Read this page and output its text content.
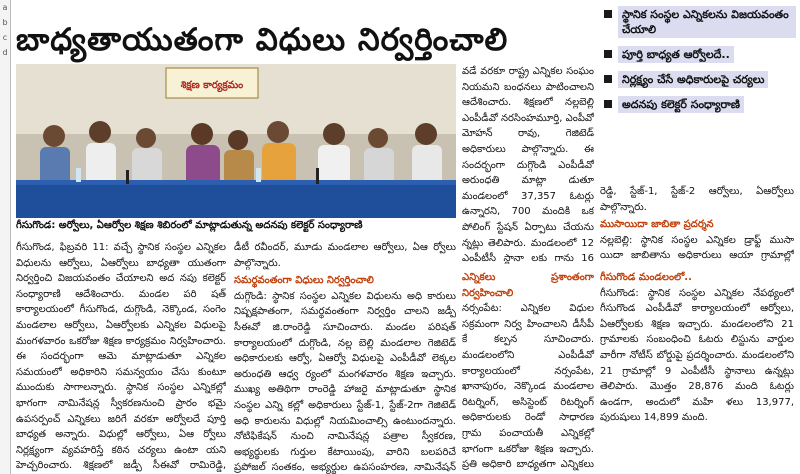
a
b
c
d బాధ్యతాయుతంగా విధులు నిర్వర్తించాలి
శిక్షణ కార్యక్రమం
గీసుగొండ: అర్వోలు, ఏఆర్వోల శిక్షణ శిబిరంలో మాట్లాడుతున్న అదనపు కలెక్టర్ సంధ్యారాణి
స్థానిక సంస్థల ఎన్నికలను విజయవంతం చేయాలి
పూర్తి బాధ్యత ఆర్వోలదే..
నిర్లక్ష్యం చేసే అధికారులపై చర్యలు
అదనపు కలెక్టర్ సంధ్యారాణి

గీసుగొండ, ఫిబ్రవరి 11: వచ్చే స్థానిక సంస్థల ఎన్నికల విధులను ఆర్వోలు, ఏఆర్వోలు బాధ్యతా యుతంగా నిర్వర్తించి విజయవంతం చేయాలని అద నపు కలెక్టర్ సంధ్యారాణి ఆదేశించారు. మండల పరి షత్ కార్యాలయంలో గీసుగొండ, దుగ్గొండి, నెక్కొండ, సంగెం మండలాల ఆర్వోలు, ఏఆర్వోలకు ఎన్నికల విధులపై మంగళవారం ఒకరోజు శిక్షణ కార్యక్రమం నిర్వహించారు. ఈ సందర్భంగా ఆమె మాట్లాడుతూ ఎన్నికల సమయంలో అధికారిని సమన్వయం చేసు కుంటూ ముందుకు సాగాలన్నారు. స్థానిక సంస్థల ఎన్నికల్లో భాగంగా నామినేషన్ల స్వీకరణనుంచి ప్రారం భమై ఉపసర్పంచ్ ఎన్నికలు జరిగే వరకూ అర్వోలదే పూర్తి బాధ్యత అన్నారు. విధుల్లో ఆర్వోలు, ఏఆ ర్వోలు నిర్లక్ష్యంగా వ్యవహరిస్తే కఠిన చర్యలు ఉంటా యని హెచ్చరించారు. శిక్షణలో జడ్పీ సీఈవో రామిరెడ్డి,

డీటీ రవీందర్, మూడు మండలాల ఆర్వోలు, ఏఆ ర్వోలు పాల్గొన్నారు.

సమర్థవంతంగా విధులు నిర్వర్తించాలి

దుగ్గొండి: స్థానిక సంస్థల ఎన్నికల విధులను అధి కారులు నిష్పక్షపాతంగా, సమర్థవంతంగా నిర్వర్తిం చాలని జడ్పీ సీఈవో జి.రాంరెడ్డి సూచించారు. మండల పరిషత్ కార్యాలయంలో దుగ్గొండి, నల్ల బెల్లి మండలాల గెజిటెడ్ అధికారులకు ఆర్వో, ఏఆర్వో విధులపై ఎంపీడీవో లెక్కల అరుంధతి ఆధ్వ ర్యంలో మంగళవారం శిక్షణ ఇచ్చారు. ముఖ్య అతిథిగా రాంరెడ్డి హాజరై మాట్లాడుతూ స్థానిక సంస్థల ఎన్ని కల్లో అధికారులు స్టేజ్-1, స్టేజ్-2గా గెజిటెడ్ అధి కారులను విధుల్లో నియమించాల్సి ఉంటుందన్నారు. నోటిఫికేషన్ నుంచి నామినేషన్ల పత్రాల స్వీకరణ, అభ్యర్థులకు గుర్తుల కేటాయింపు, వారిని బలపరిచే ప్రపోజల్ సంతకం, అభ్యర్థుల ఉపసంహరణ, నామినేషన్

వడే వరకూ రాష్ట్ర ఎన్నికల సంఘం నియమని బంధనలు పాటించాలని ఆదేశించారు. శిక్షణలో నల్లబెల్లి ఎంపీడీవో నరసింహమూర్తి, ఎంపీవో మోహన్ రావు, గెజిటెడ్ అధికారులు పాల్గొన్నారు. ఈ సందర్భంగా దుగ్గొండి ఎంపీడీవో అరుంధతి మాట్లా డుతూ మండలంలో 37,357 ఓటర్లు ఉన్నారని, 700 మందికి ఒక పోలింగ్ స్టేషన్ ఏర్పాటు చేయను న్నట్లు తెలిపారు. మండలంలో 12 ఎంపీటీసీ స్థానా లకు గాను 16

ఎన్నికలు ప్రశాంతంగా నిర్వహించాలి

నర్సంపేట: ఎన్నికల విధుల సక్రమంగా నిర్వ హించాలని డీసీపీ కే కల్పన సూచించారు. మండలంలోని ఎంపీడీవో కార్యాలయంలో నర్సంపేట, ఖానాపురం, నెక్కొండ మండలాల రిటర్నింగ్, అసిస్టెంట్ రిటర్నింగ్ అధికారులకు రెండో సాధారణ గ్రామ పంచాయతీ ఎన్నికల్లో భాగంగా ఒకరోజు శిక్షణ ఇచ్చారు. ప్రతి అధికారి బాధ్యతగా ఎన్నికలు

గీసుగొండ మండలంలో..

గీసుగొండ: స్థానిక సంస్థల ఎన్నికల నేపథ్యంలో గీసుగొండ ఎంపీడీవో కార్యాలయంలో ఆర్వోలు, ఏఆర్వోలకు శిక్షణ ఇచ్చారు. మండలంలోని 21 గ్రామాలకు సంబంధించి ఓటరు లిస్టును వార్డుల వారీగా నోటీస్ బోర్డుపై ప్రదర్శించారు. మండలంలోని 21 గ్రామాల్లో 9 ఎంపీటీసీ స్థానాలు ఉన్నట్లు తెలిపారు. మొత్తం 28,876 మంది ఓటర్లు ఉండగా, అందులో మహి ళలు 13,977, పురుషులు 14,899 మంది.

రెడ్డి, స్టేజ్-1, స్టేజ్-2 ఆర్వోలు, ఏఆర్వోలు పాల్గొన్నారు.

ముసాయిదా జాబితా ప్రదర్శన

నల్లబెల్లి: స్థానిక సంస్థల ఎన్నికల డ్రాఫ్ట్ ముసా యిదా జాబితాను అధికారులు ఆయా గ్రామాల్లో
